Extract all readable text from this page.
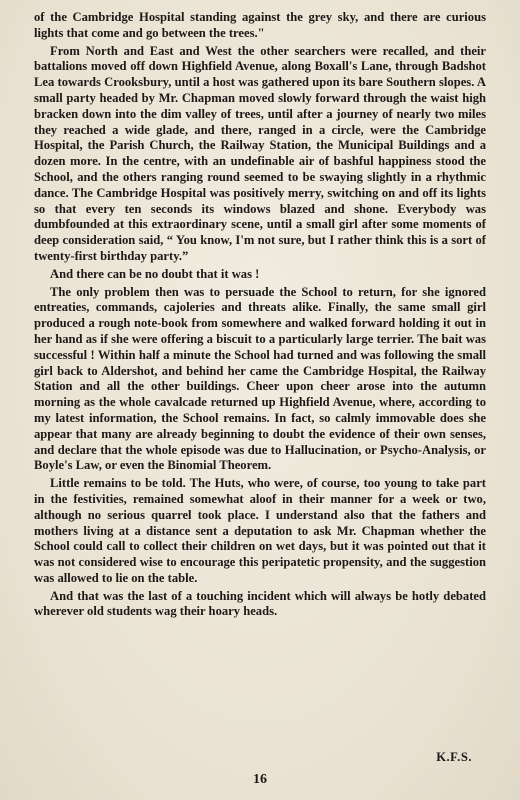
of the Cambridge Hospital standing against the grey sky, and there are curious lights that come and go between the trees."

From North and East and West the other searchers were recalled, and their battalions moved off down Highfield Avenue, along Boxall's Lane, through Badshot Lea towards Crooksbury, until a host was gathered upon its bare Southern slopes. A small party headed by Mr. Chapman moved slowly forward through the waist high bracken down into the dim valley of trees, until after a journey of nearly two miles they reached a wide glade, and there, ranged in a circle, were the Cambridge Hospital, the Parish Church, the Railway Station, the Municipal Buildings and a dozen more. In the centre, with an undefinable air of bashful happiness stood the School, and the others ranging round seemed to be swaying slightly in a rhythmic dance. The Cambridge Hospital was positively merry, switching on and off its lights so that every ten seconds its windows blazed and shone. Everybody was dumbfounded at this extraordinary scene, until a small girl after some moments of deep consideration said, “ You know, I'm not sure, but I rather think this is a sort of twenty-first birthday party.”

And there can be no doubt that it was !

The only problem then was to persuade the School to return, for she ignored entreaties, commands, cajoleries and threats alike. Finally, the same small girl produced a rough note-book from somewhere and walked forward holding it out in her hand as if she were offering a biscuit to a particularly large terrier. The bait was successful ! Within half a minute the School had turned and was following the small girl back to Aldershot, and behind her came the Cambridge Hospital, the Railway Station and all the other buildings. Cheer upon cheer arose into the autumn morning as the whole cavalcade returned up Highfield Avenue, where, according to my latest information, the School remains. In fact, so calmly immovable does she appear that many are already beginning to doubt the evidence of their own senses, and declare that the whole episode was due to Hallucination, or Psycho-Analysis, or Boyle's Law, or even the Binomial Theorem.

Little remains to be told. The Huts, who were, of course, too young to take part in the festivities, remained somewhat aloof in their manner for a week or two, although no serious quarrel took place. I understand also that the fathers and mothers living at a distance sent a deputation to ask Mr. Chapman whether the School could call to collect their children on wet days, but it was pointed out that it was not considered wise to encourage this peripatetic propensity, and the suggestion was allowed to lie on the table.

And that was the last of a touching incident which will always be hotly debated wherever old students wag their hoary heads.

K.F.S.
16
